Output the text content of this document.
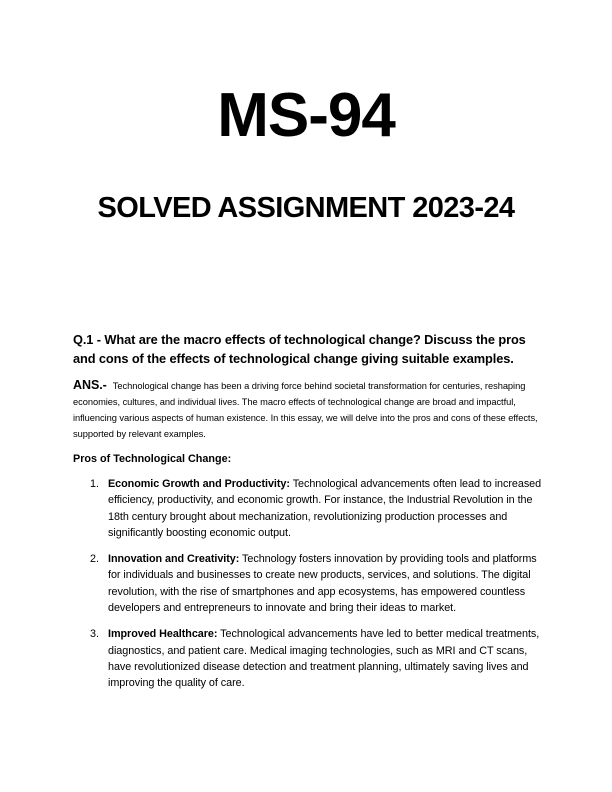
MS-94
SOLVED ASSIGNMENT 2023-24

Q.1 - What are the macro effects of technological change? Discuss the pros and cons of the effects of technological change giving suitable examples.

ANS.- Technological change has been a driving force behind societal transformation for centuries, reshaping economies, cultures, and individual lives. The macro effects of technological change are broad and impactful, influencing various aspects of human existence. In this essay, we will delve into the pros and cons of these effects, supported by relevant examples.

Pros of Technological Change:

1. Economic Growth and Productivity: Technological advancements often lead to increased efficiency, productivity, and economic growth. For instance, the Industrial Revolution in the 18th century brought about mechanization, revolutionizing production processes and significantly boosting economic output.
2. Innovation and Creativity: Technology fosters innovation by providing tools and platforms for individuals and businesses to create new products, services, and solutions. The digital revolution, with the rise of smartphones and app ecosystems, has empowered countless developers and entrepreneurs to innovate and bring their ideas to market.
3. Improved Healthcare: Technological advancements have led to better medical treatments, diagnostics, and patient care. Medical imaging technologies, such as MRI and CT scans, have revolutionized disease detection and treatment planning, ultimately saving lives and improving the quality of care.
